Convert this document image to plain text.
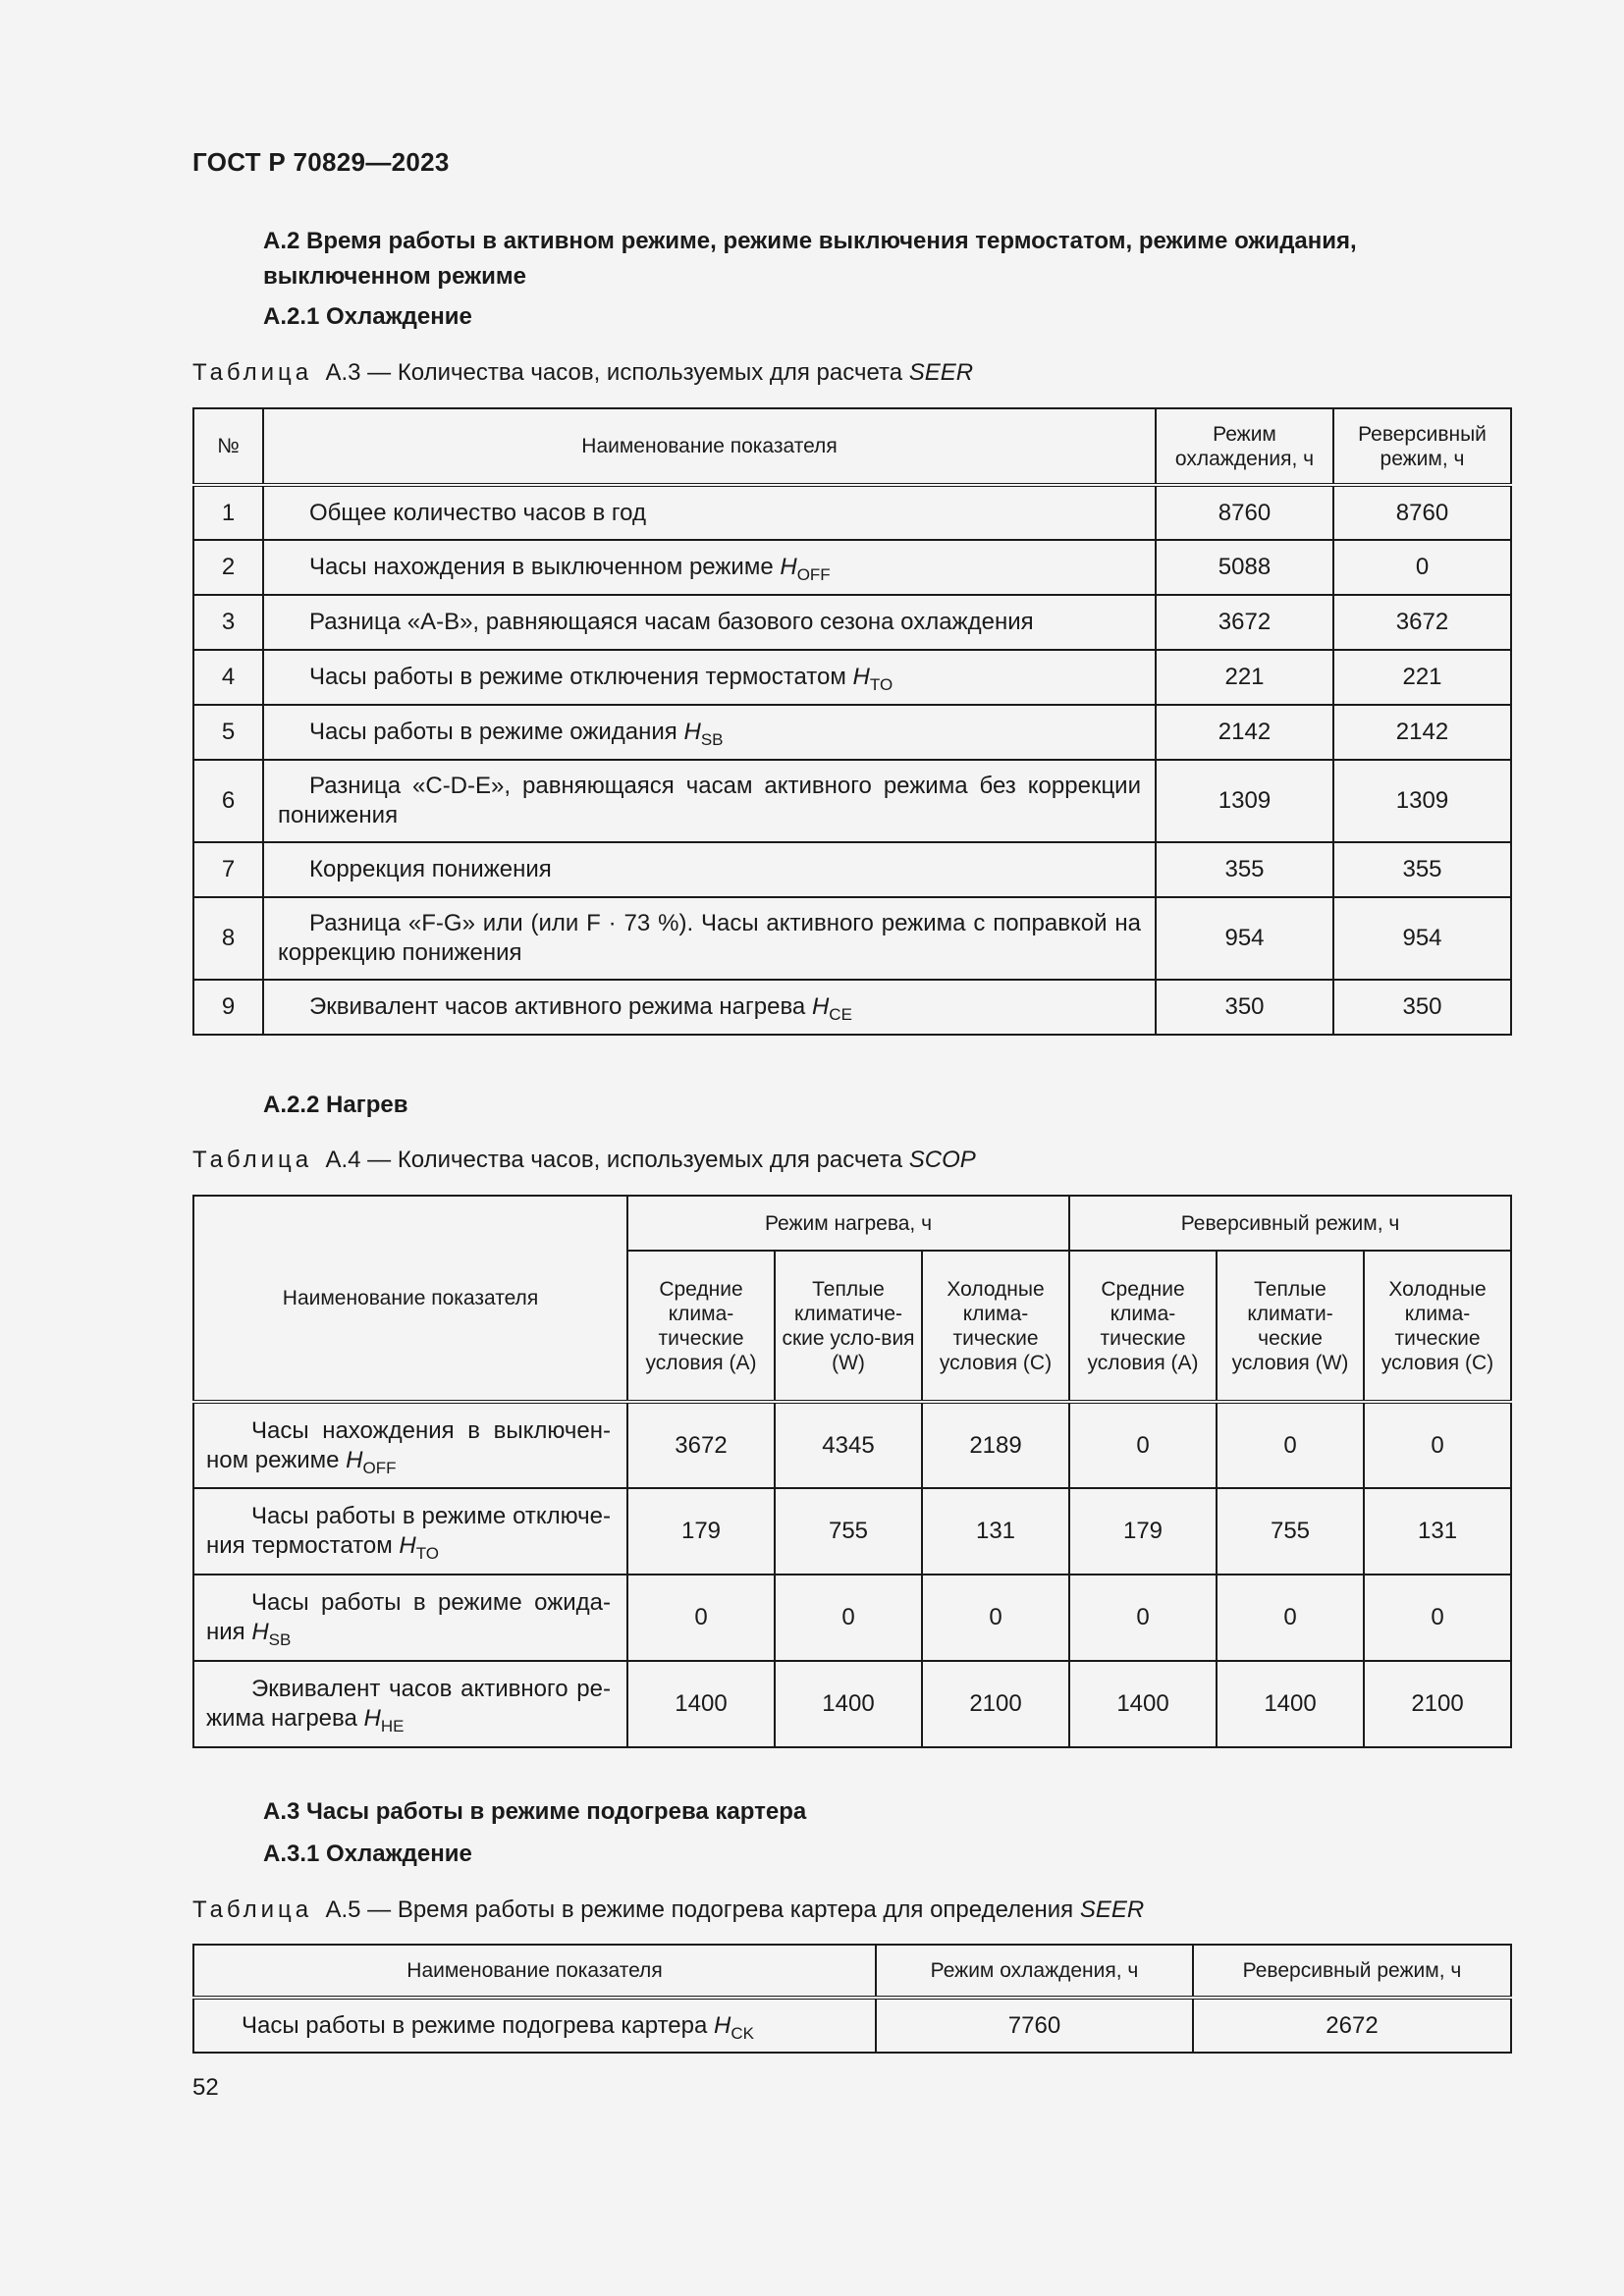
ГОСТ Р 70829—2023
А.2 Время работы в активном режиме, режиме выключения термостатом, режиме ожидания,
выключенном режиме
А.2.1 Охлаждение
Таблица А.3 — Количества часов, используемых для расчета SEER
№	Наименование показателя	Режим охлаждения, ч	Реверсивный режим, ч
1	Общее количество часов в год	8760	8760
2	Часы нахождения в выключенном режиме $H_{OFF}$	5088	0
3	Разница «A-B», равняющаяся часам базового сезона охлаждения	3672	3672
4	Часы работы в режиме отключения термостатом $H_{TO}$	221	221
5	Часы работы в режиме ожидания $H_{SB}$	2142	2142
6	Разница «C-D-E», равняющаяся часам активного режима без коррекции понижения	1309	1309
7	Коррекция понижения	355	355
8	Разница «F-G» или (или F · 73 %). Часы активного режима с поправкой на коррекцию понижения	954	954
9	Эквивалент часов активного режима нагрева $H_{CE}$	350	350
А.2.2 Нагрев
Таблица А.4 — Количества часов, используемых для расчета SCOP
Наименование показателя	Режим нагрева, ч			Реверсивный режим, ч		
	Средние клима-тические условия (A)	Теплые климатиче-ские усло-вия (W)	Холодные клима-тические условия (C)	Средние клима-тические условия (A)	Теплые климати-ческие условия (W)	Холодные клима-тические условия (C)
Часы нахождения в выключен-ном режиме $H_{OFF}$	3672	4345	2189	0	0	0
Часы работы в режиме отключе-ния термостатом $H_{TO}$	179	755	131	179	755	131
Часы работы в режиме ожида-ния $H_{SB}$	0	0	0	0	0	0
Эквивалент часов активного ре-жима нагрева $H_{HE}$	1400	1400	2100	1400	1400	2100
А.3 Часы работы в режиме подогрева картера
А.3.1 Охлаждение
Таблица А.5 — Время работы в режиме подогрева картера для определения SEER
Наименование показателя	Режим охлаждения, ч	Реверсивный режим, ч
Часы работы в режиме подогрева картера $H_{CK}$	7760	2672
52
